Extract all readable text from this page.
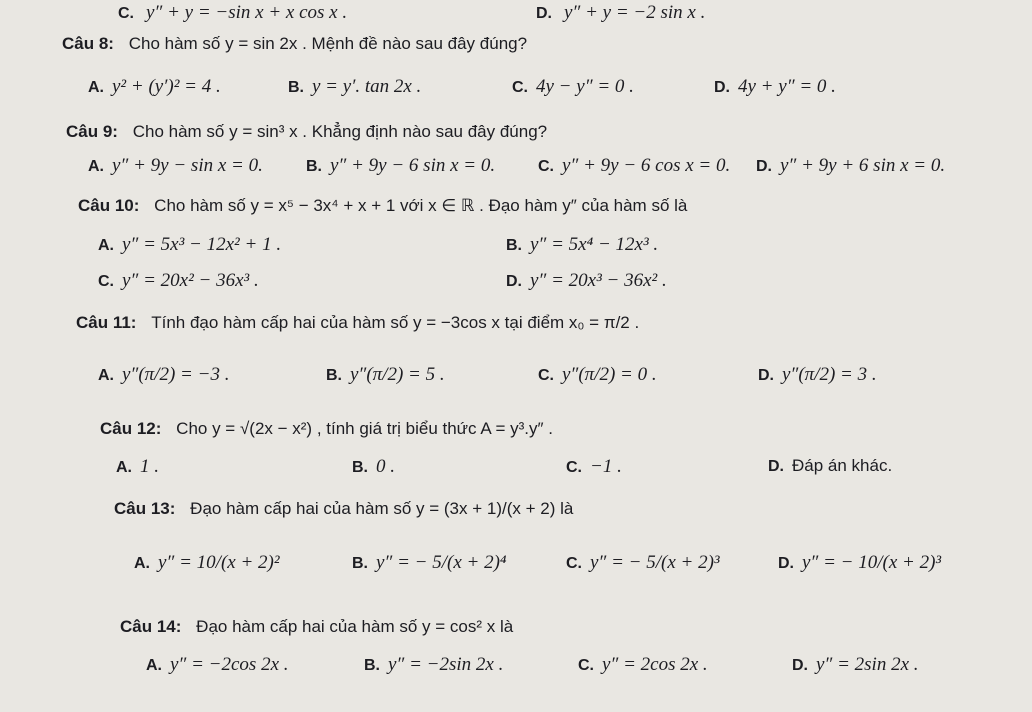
C. y″ + y = −sin x + x cos x .	D. y″ + y = −2 sin x .
Câu 8: Cho hàm số y = sin 2x . Mệnh đề nào sau đây đúng?
A. y² + (y′)² = 4 .	B. y = y′. tan 2x .	C. 4y − y″ = 0 .	D. 4y + y″ = 0 .
Câu 9: Cho hàm số y = sin³ x . Khẳng định nào sau đây đúng?
A. y″ + 9y − sin x = 0.	B. y″ + 9y − 6 sin x = 0.	C. y″ + 9y − 6 cos x = 0. D. y″ + 9y + 6 sin x = 0.
Câu 10: Cho hàm số y = x⁵ − 3x⁴ + x + 1 với x ∈ ℝ . Đạo hàm y″ của hàm số là
A. y″ = 5x³ − 12x² + 1 .	B. y″ = 5x⁴ − 12x³ .
C. y″ = 20x² − 36x³ .	D. y″ = 20x³ − 36x² .
Câu 11: Tính đạo hàm cấp hai của hàm số y = −3cos x tại điểm x₀ = π/2 .
A. y″(π/2) = −3 .	B. y″(π/2) = 5 .	C. y″(π/2) = 0 .	D. y″(π/2) = 3 .
Câu 12: Cho y = √(2x − x²) , tính giá trị biểu thức A = y³.y″ .
A. 1 .	B. 0 .	C. −1 .	D. Đáp án khác.
Câu 13: Đạo hàm cấp hai của hàm số y = (3x + 1)/(x + 2) là
A. y″ = 10/(x + 2)²	B. y″ = − 5/(x + 2)⁴	C. y″ = − 5/(x + 2)³	D. y″ = − 10/(x + 2)³
Câu 14: Đạo hàm cấp hai của hàm số y = cos² x là
A. y″ = −2cos 2x .	B. y″ = −2sin 2x .	C. y″ = 2cos 2x .	D. y″ = 2sin 2x .
